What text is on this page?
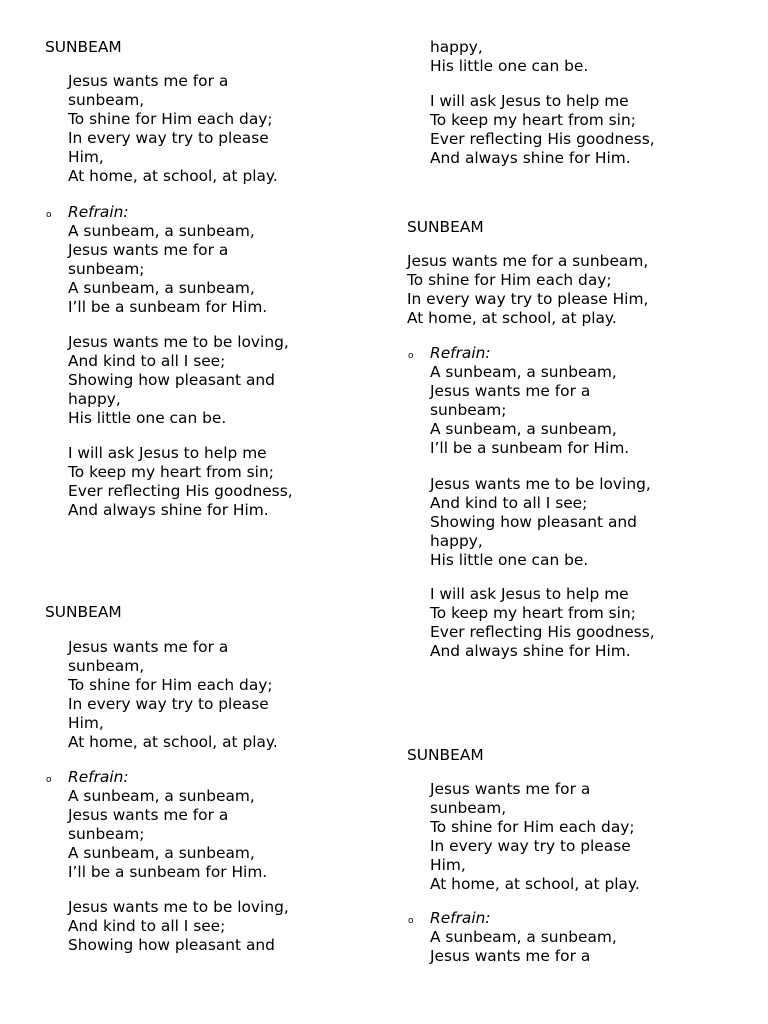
SUNBEAM
Jesus wants me for a
sunbeam,
To shine for Him each day;
In every way try to please
Him,
At home, at school, at play.
o Refrain:
A sunbeam, a sunbeam,
Jesus wants me for a
sunbeam;
A sunbeam, a sunbeam,
I’ll be a sunbeam for Him.
Jesus wants me to be loving,
And kind to all I see;
Showing how pleasant and
happy,
His little one can be.
I will ask Jesus to help me
To keep my heart from sin;
Ever reflecting His goodness,
And always shine for Him.
SUNBEAM
Jesus wants me for a
sunbeam,
To shine for Him each day;
In every way try to please
Him,
At home, at school, at play.
o Refrain:
A sunbeam, a sunbeam,
Jesus wants me for a
sunbeam;
A sunbeam, a sunbeam,
I’ll be a sunbeam for Him.
Jesus wants me to be loving,
And kind to all I see;
Showing how pleasant and
happy,
His little one can be.
I will ask Jesus to help me
To keep my heart from sin;
Ever reflecting His goodness,
And always shine for Him.
SUNBEAM
Jesus wants me for a sunbeam,
To shine for Him each day;
In every way try to please Him,
At home, at school, at play.
o Refrain:
A sunbeam, a sunbeam,
Jesus wants me for a
sunbeam;
A sunbeam, a sunbeam,
I’ll be a sunbeam for Him.
Jesus wants me to be loving,
And kind to all I see;
Showing how pleasant and
happy,
His little one can be.
I will ask Jesus to help me
To keep my heart from sin;
Ever reflecting His goodness,
And always shine for Him.
SUNBEAM
Jesus wants me for a
sunbeam,
To shine for Him each day;
In every way try to please
Him,
At home, at school, at play.
o Refrain:
A sunbeam, a sunbeam,
Jesus wants me for a
